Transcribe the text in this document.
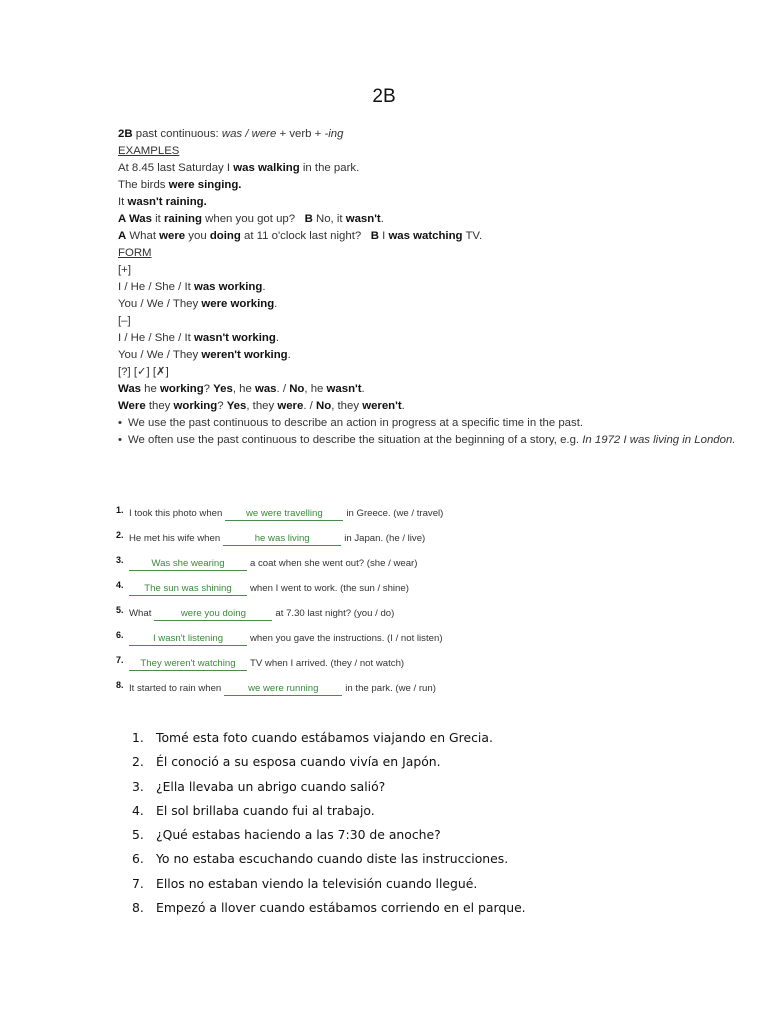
2B
2B past continuous: was / were + verb + -ing
EXAMPLES
At 8.45 last Saturday I was walking in the park.
The birds were singing.
It wasn't raining.
A Was it raining when you got up?   B No, it wasn't.
A What were you doing at 11 o'clock last night?   B I was watching TV.
FORM
[+]
I / He / She / It was working.
You / We / They were working.
[–]
I / He / She / It wasn't working.
You / We / They weren't working.
[?] [✓] [✗]
Was he working? Yes, he was. / No, he wasn't.
Were they working? Yes, they were. / No, they weren't.
• We use the past continuous to describe an action in progress at a specific time in the past.
• We often use the past continuous to describe the situation at the beginning of a story, e.g. In 1972 I was living in London.
1. I took this photo when we were travelling in Greece. (we / travel)
2. He met his wife when	he was living	in Japan. (he / live)
3.	Was she wearing	a coat when she went out? (she / wear)
4. The sun was shining when I went to work. (the sun / shine)
5. What	were you doing	at 7.30 last night? (you / do)
6.	I wasn't listening	when you gave the instructions. (I / not listen)
7. They weren't watching TV when I arrived. (they / not watch)
8. It started to rain when	we were running	in the park. (we / run)
1. Tomé esta foto cuando estábamos viajando en Grecia.
2. Él conoció a su esposa cuando vivía en Japón.
3. ¿Ella llevaba un abrigo cuando salió?
4. El sol brillaba cuando fui al trabajo.
5. ¿Qué estabas haciendo a las 7:30 de anoche?
6. Yo no estaba escuchando cuando diste las instrucciones.
7. Ellos no estaban viendo la televisión cuando llegué.
8. Empezó a llover cuando estábamos corriendo en el parque.
